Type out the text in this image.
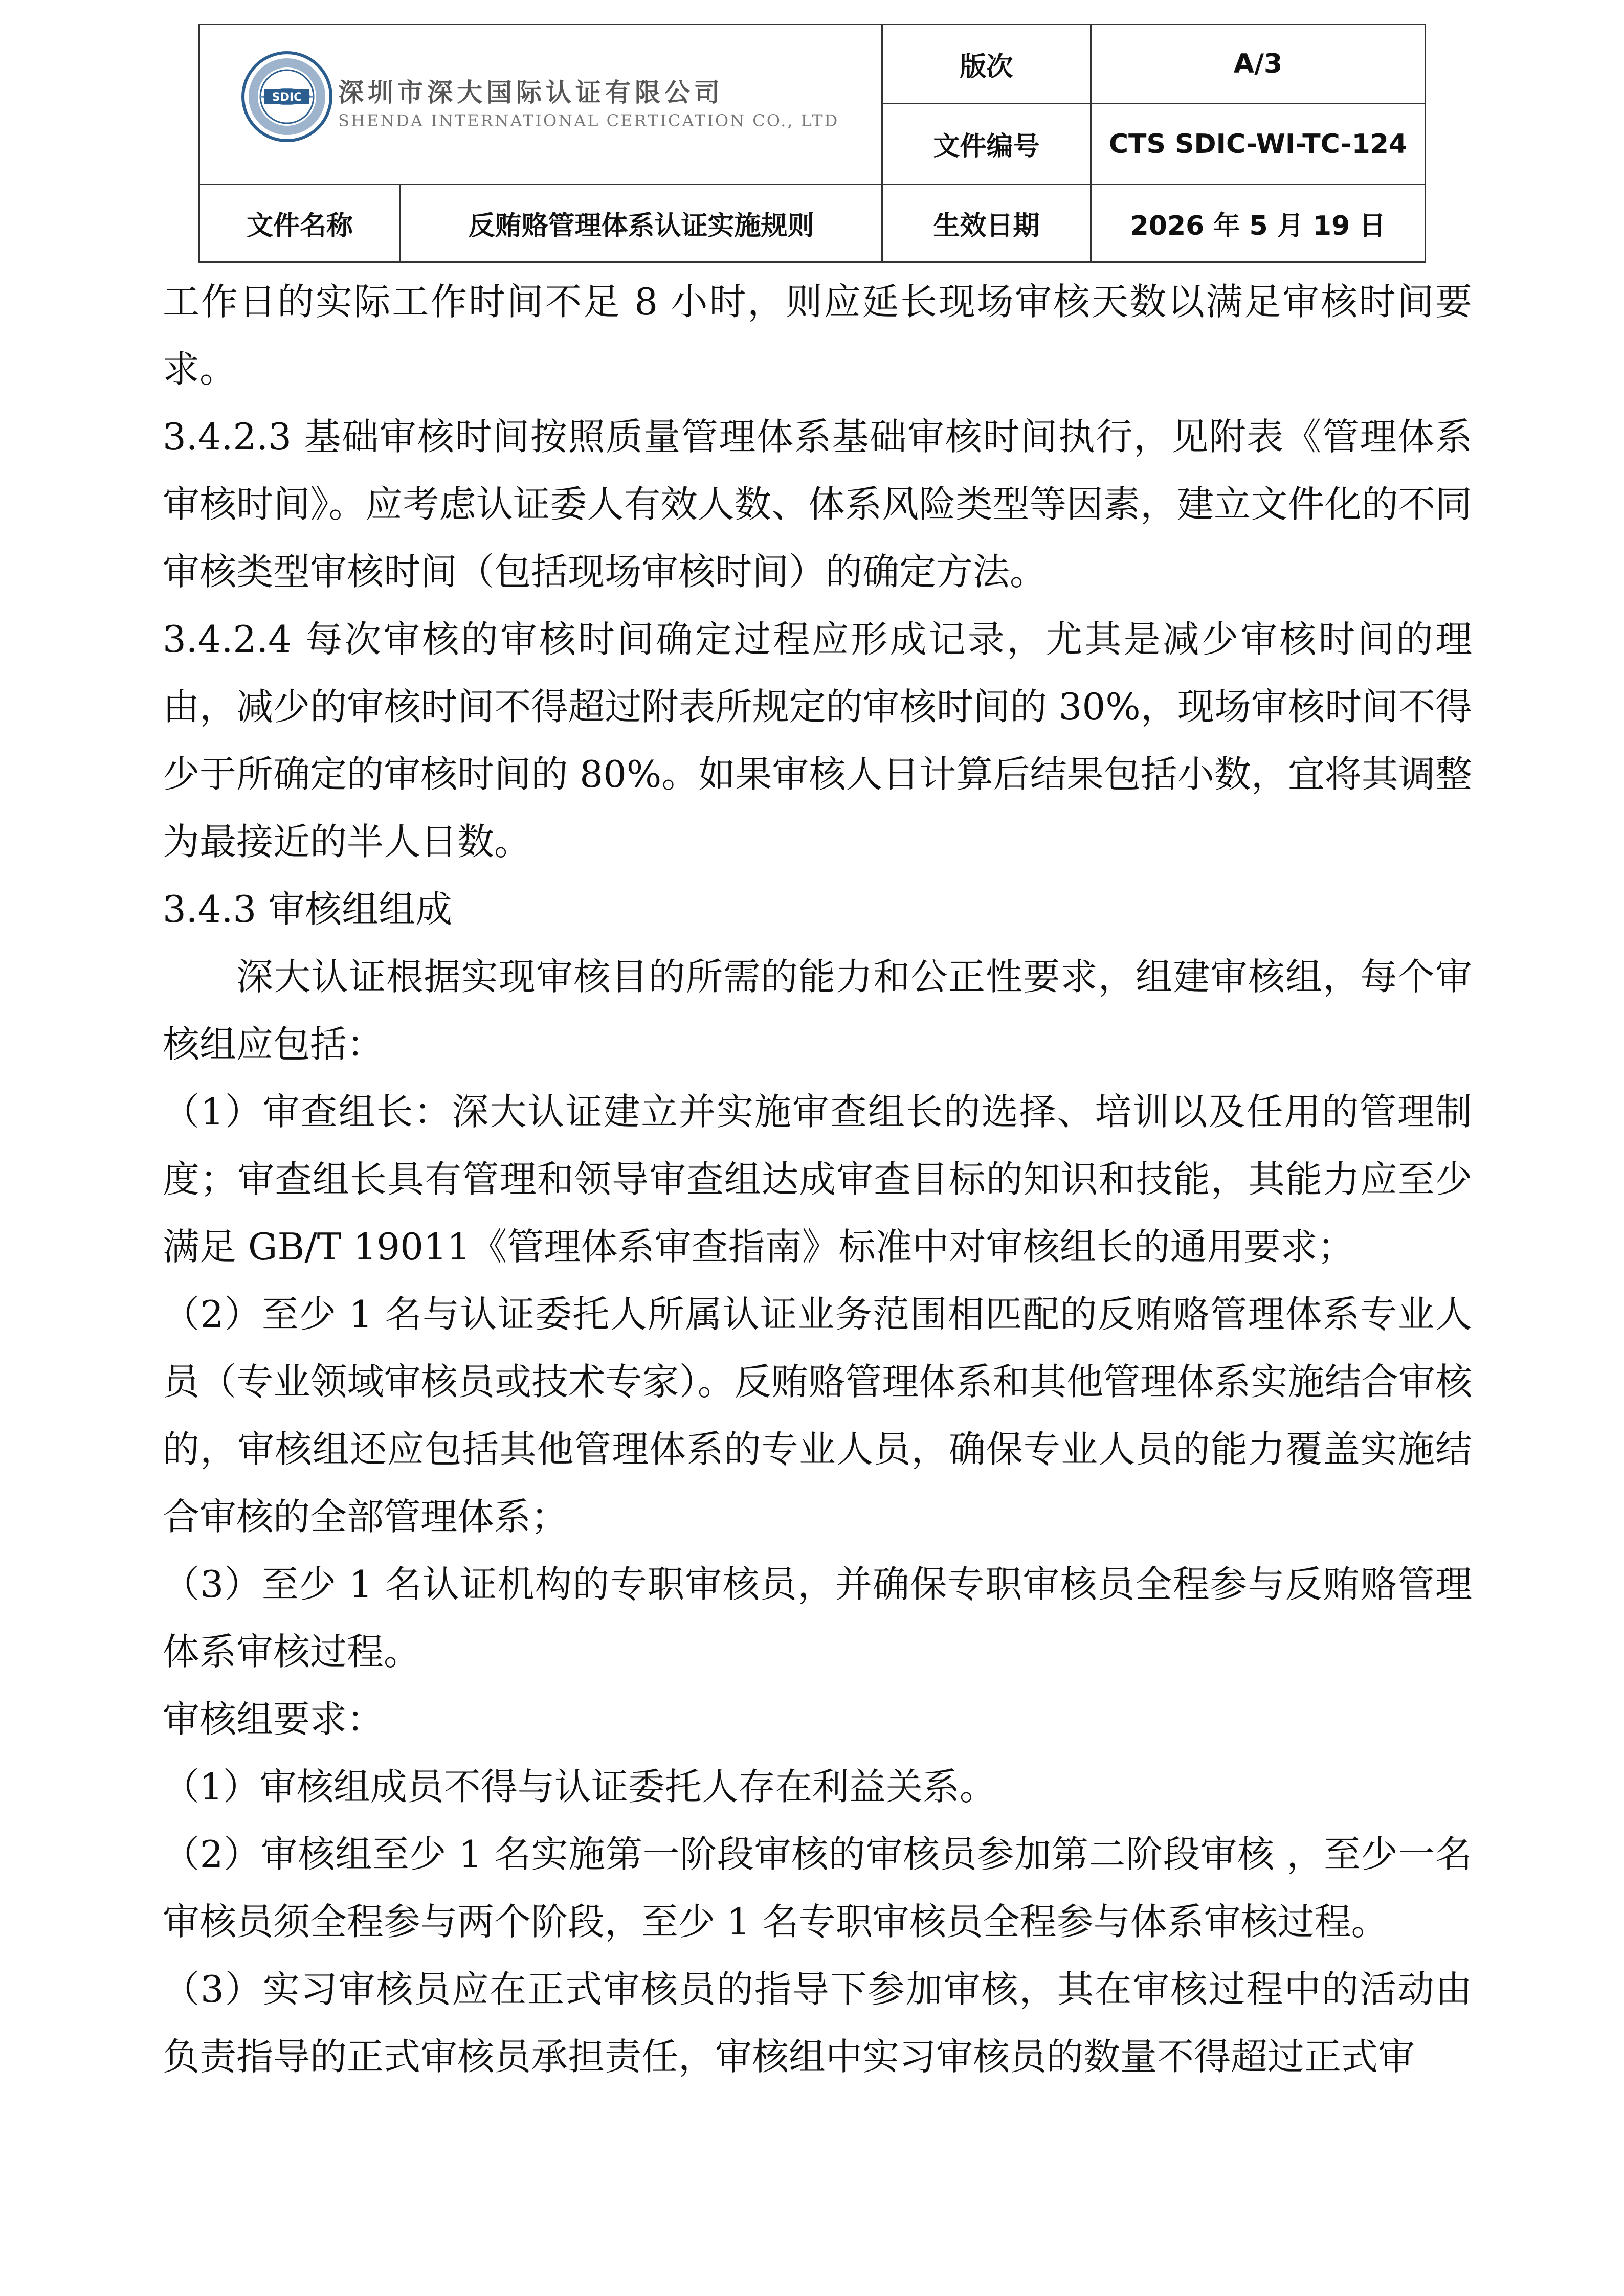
SDIC 深圳市深大国际认证有限公司
SHENDA INTERNATIONAL CERTICATION CO., LTD
版次	A/3
文件编号	CTS SDIC-WI-TC-124
文件名称	反贿赂管理体系认证实施规则	生效日期	2026 年 5 月 19 日

工作日的实际工作时间不足 8 小时，则应延长现场审核天数以满足审核时间要求。

3.4.2.3 基础审核时间按照质量管理体系基础审核时间执行，见附表《管理体系审核时间》。应考虑认证委人有效人数、体系风险类型等因素，建立文件化的不同审核类型审核时间（包括现场审核时间）的确定方法。

3.4.2.4 每次审核的审核时间确定过程应形成记录，尤其是减少审核时间的理由，减少的审核时间不得超过附表所规定的审核时间的 30%，现场审核时间不得少于所确定的审核时间的 80%。如果审核人日计算后结果包括小数，宜将其调整为最接近的半人日数。

3.4.3 审核组组成

深大认证根据实现审核目的所需的能力和公正性要求，组建审核组，每个审核组应包括：

（1）审查组长：深大认证建立并实施审查组长的选择、培训以及任用的管理制度；审查组长具有管理和领导审查组达成审查目标的知识和技能，其能力应至少满足 GB/T 19011《管理体系审查指南》标准中对审核组长的通用要求；

（2）至少 1 名与认证委托人所属认证业务范围相匹配的反贿赂管理体系专业人员（专业领域审核员或技术专家）。反贿赂管理体系和其他管理体系实施结合审核的，审核组还应包括其他管理体系的专业人员，确保专业人员的能力覆盖实施结合审核的全部管理体系；

（3）至少 1 名认证机构的专职审核员，并确保专职审核员全程参与反贿赂管理体系审核过程。

审核组要求：

（1）审核组成员不得与认证委托人存在利益关系。

（2）审核组至少 1 名实施第一阶段审核的审核员参加第二阶段审核 ，至少一名审核员须全程参与两个阶段，至少 1 名专职审核员全程参与体系审核过程。

（3）实习审核员应在正式审核员的指导下参加审核，其在审核过程中的活动由负责指导的正式审核员承担责任，审核组中实习审核员的数量不得超过正式审
